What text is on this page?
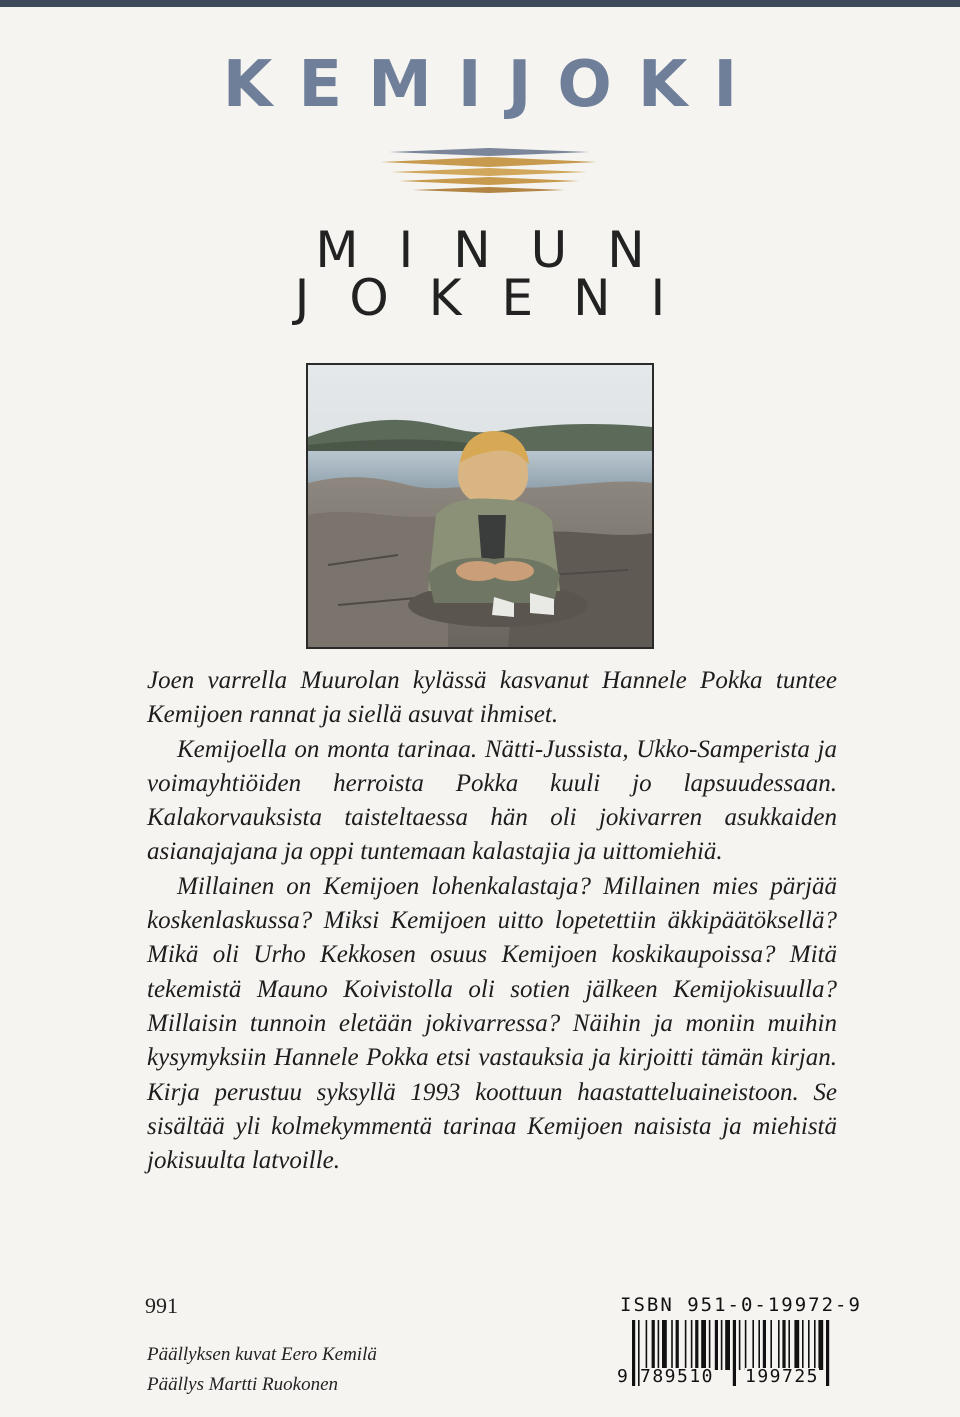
KEMIJOKI
MINUN
JOKENI

Joen varrella Muurolan kylässä kasvanut Hannele Pokka tuntee Kemijoen rannat ja siellä asuvat ihmiset.

Kemijoella on monta tarinaa. Nätti-Jussista, Ukko-Samperista ja voimayhtiöiden herroista Pokka kuuli jo lapsuudessaan. Kalakorvauksista taisteltaessa hän oli jokivarren asukkaiden asianajajana ja oppi tuntemaan kalastajia ja uittomiehiä.

Millainen on Kemijoen lohenkalastaja? Millainen mies pärjää koskenlaskussa? Miksi Kemijoen uitto lopetettiin äkkipäätöksellä? Mikä oli Urho Kekkosen osuus Kemijoen koskikaupoissa? Mitä tekemistä Mauno Koivistolla oli sotien jälkeen Kemijokisuulla? Millaisin tunnoin eletään jokivarressa? Näihin ja moniin muihin kysymyksiin Hannele Pokka etsi vastauksia ja kirjoitti tämän kirjan. Kirja perustuu syksyllä 1993 koottuun haastatteluaineistoon. Se sisältää yli kolmekymmentä tarinaa Kemijoen naisista ja miehistä jokisuulta latvoille.

991
Päällyksen kuvat Eero Kemilä
Päällys Martti Ruokonen
ISBN 951-0-19972-9
9 789510 199725
